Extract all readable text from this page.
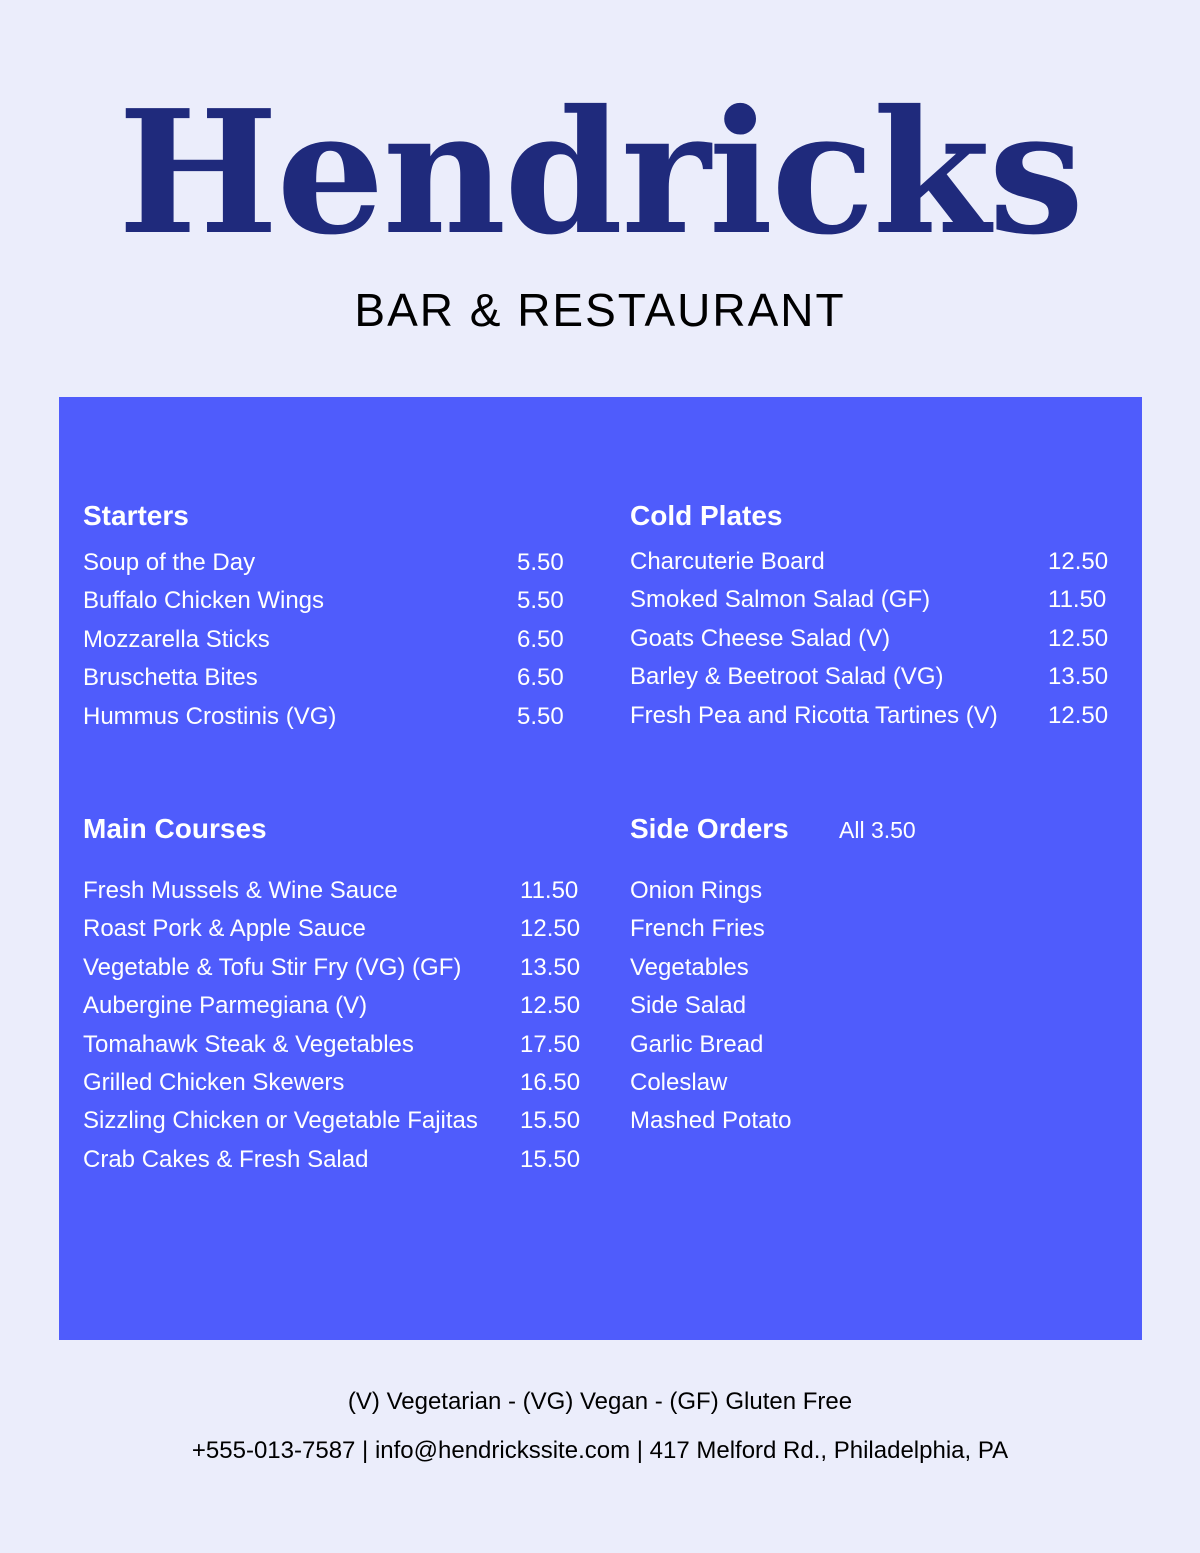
Hendricks
BAR & RESTAURANT
Starters
Soup of the Day	5.50
Buffalo Chicken Wings	5.50
Mozzarella Sticks	6.50
Bruschetta Bites	6.50
Hummus Crostinis (VG)	5.50
Cold Plates
Charcuterie Board	12.50
Smoked Salmon Salad (GF)	11.50
Goats Cheese Salad (V)	12.50
Barley & Beetroot Salad (VG)	13.50
Fresh Pea and Ricotta Tartines (V) 12.50
Main Courses
Fresh Mussels & Wine Sauce	11.50
Roast Pork & Apple Sauce	12.50
Vegetable & Tofu Stir Fry (VG) (GF) 13.50
Aubergine Parmegiana (V)	12.50
Tomahawk Steak & Vegetables	17.50
Grilled Chicken Skewers	16.50
Sizzling Chicken or Vegetable Fajitas 15.50
Crab Cakes & Fresh Salad	15.50
Side Orders All 3.50
Onion Rings
French Fries
Vegetables
Side Salad
Garlic Bread
Coleslaw
Mashed Potato
(V) Vegetarian - (VG) Vegan - (GF) Gluten Free
+555-013-7587 | info@hendrickssite.com | 417 Melford Rd., Philadelphia, PA
